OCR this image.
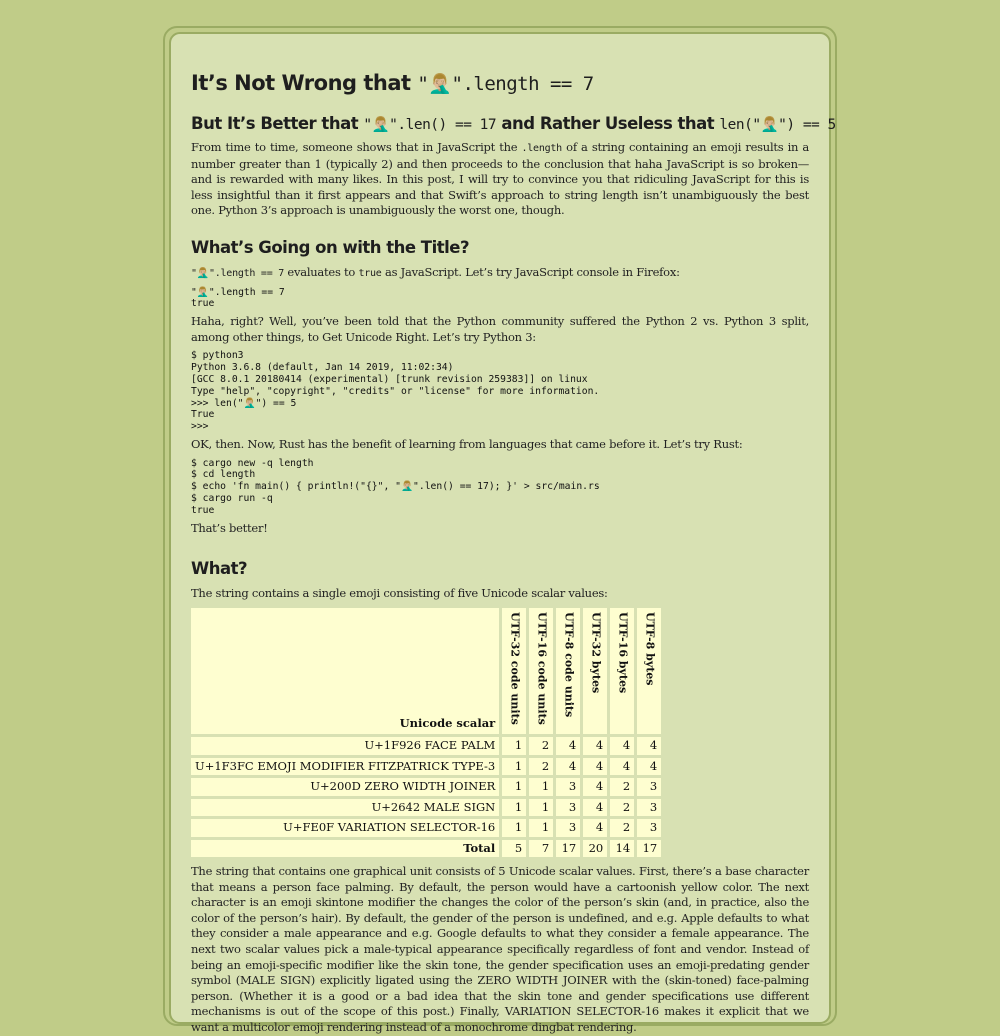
It’s Not Wrong that "🤦🏼‍♂️".length == 7
But It’s Better that "🤦🏼‍♂️".len() == 17 and Rather Useless that len("🤦🏼‍♂️") == 5

From time to time, someone shows that in JavaScript the .length of a string containing an emoji results in a number greater than 1 (typically 2) and then proceeds to the conclusion that haha JavaScript is so broken—and is rewarded with many likes. In this post, I will try to convince you that ridiculing JavaScript for this is less insightful than it first appears and that Swift’s approach to string length isn’t unambiguously the best one. Python 3’s approach is unambiguously the worst one, though.

What’s Going on with the Title?

"🤦🏼‍♂️".length == 7 evaluates to true as JavaScript. Let’s try JavaScript console in Firefox:

"🤦🏼‍♂️".length == 7
true

Haha, right? Well, you’ve been told that the Python community suffered the Python 2 vs. Python 3 split, among other things, to Get Unicode Right. Let’s try Python 3:

$ python3
Python 3.6.8 (default, Jan 14 2019, 11:02:34)
[GCC 8.0.1 20180414 (experimental) [trunk revision 259383]] on linux
Type "help", "copyright", "credits" or "license" for more information.
>>> len("🤦🏼‍♂️") == 5
True
>>>

OK, then. Now, Rust has the benefit of learning from languages that came before it. Let’s try Rust:

$ cargo new -q length
$ cd length
$ echo 'fn main() { println!("{}", "🤦🏼‍♂️".len() == 17); }' > src/main.rs
$ cargo run -q
true

That’s better!

What?

The string contains a single emoji consisting of five Unicode scalar values:

Unicode scalar	UTF-32 code units	UTF-16 code units	UTF-8 code units	UTF-32 bytes	UTF-16 bytes	UTF-8 bytes
U+1F926 FACE PALM	1	2	4	4	4	4
U+1F3FC EMOJI MODIFIER FITZPATRICK TYPE-3	1	2	4	4	4	4
U+200D ZERO WIDTH JOINER	1	1	3	4	2	3
U+2642 MALE SIGN	1	1	3	4	2	3
U+FE0F VARIATION SELECTOR-16	1	1	3	4	2	3
Total	5	7	17	20	14	17

The string that contains one graphical unit consists of 5 Unicode scalar values. First, there’s a base character that means a person face palming. By default, the person would have a cartoonish yellow color. The next character is an emoji skintone modifier the changes the color of the person’s skin (and, in practice, also the color of the person’s hair). By default, the gender of the person is undefined, and e.g. Apple defaults to what they consider a male appearance and e.g. Google defaults to what they consider a female appearance. The next two scalar values pick a male-typical appearance specifically regardless of font and vendor. Instead of being an emoji-specific modifier like the skin tone, the gender specification uses an emoji-predating gender symbol (MALE SIGN) explicitly ligated using the ZERO WIDTH JOINER with the (skin-toned) face-palming person. (Whether it is a good or a bad idea that the skin tone and gender specifications use different mechanisms is out of the scope of this post.) Finally, VARIATION SELECTOR-16 makes it explicit that we want a multicolor emoji rendering instead of a monochrome dingbat rendering.
